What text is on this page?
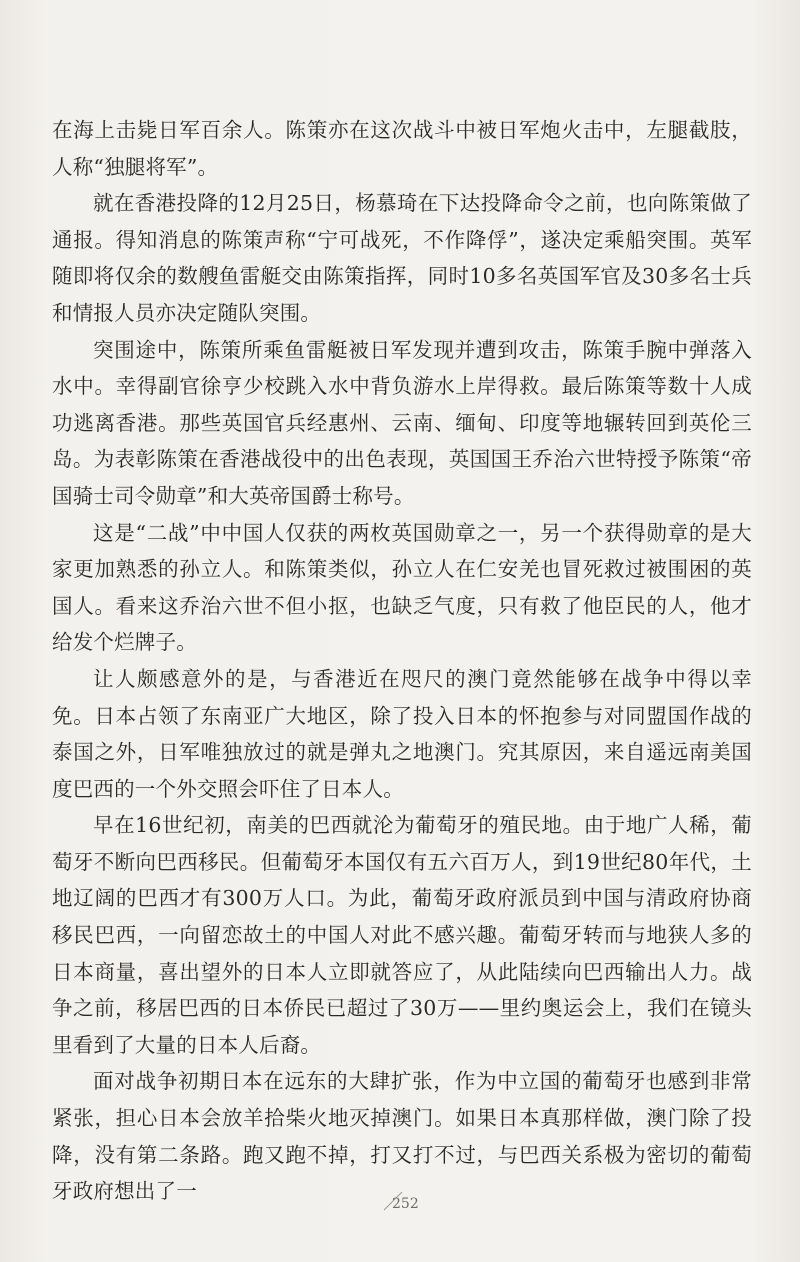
在海上击毙日军百余人。陈策亦在这次战斗中被日军炮火击中，左腿截肢，人称“独腿将军”。

就在香港投降的12月25日，杨慕琦在下达投降命令之前，也向陈策做了通报。得知消息的陈策声称“宁可战死，不作降俘”，遂决定乘船突围。英军随即将仅余的数艘鱼雷艇交由陈策指挥，同时10多名英国军官及30多名士兵和情报人员亦决定随队突围。

突围途中，陈策所乘鱼雷艇被日军发现并遭到攻击，陈策手腕中弹落入水中。幸得副官徐亨少校跳入水中背负游水上岸得救。最后陈策等数十人成功逃离香港。那些英国官兵经惠州、云南、缅甸、印度等地辗转回到英伦三岛。为表彰陈策在香港战役中的出色表现，英国国王乔治六世特授予陈策“帝国骑士司令勋章”和大英帝国爵士称号。

这是“二战”中中国人仅获的两枚英国勋章之一，另一个获得勋章的是大家更加熟悉的孙立人。和陈策类似，孙立人在仁安羌也冒死救过被围困的英国人。看来这乔治六世不但小抠，也缺乏气度，只有救了他臣民的人，他才给发个烂牌子。

让人颇感意外的是，与香港近在咫尺的澳门竟然能够在战争中得以幸免。日本占领了东南亚广大地区，除了投入日本的怀抱参与对同盟国作战的泰国之外，日军唯独放过的就是弹丸之地澳门。究其原因，来自遥远南美国度巴西的一个外交照会吓住了日本人。

早在16世纪初，南美的巴西就沦为葡萄牙的殖民地。由于地广人稀，葡萄牙不断向巴西移民。但葡萄牙本国仅有五六百万人，到19世纪80年代，土地辽阔的巴西才有300万人口。为此，葡萄牙政府派员到中国与清政府协商移民巴西，一向留恋故土的中国人对此不感兴趣。葡萄牙转而与地狭人多的日本商量，喜出望外的日本人立即就答应了，从此陆续向巴西输出人力。战争之前，移居巴西的日本侨民已超过了30万——里约奥运会上，我们在镜头里看到了大量的日本人后裔。

面对战争初期日本在远东的大肆扩张，作为中立国的葡萄牙也感到非常紧张，担心日本会放羊拾柴火地灭掉澳门。如果日本真那样做，澳门除了投降，没有第二条路。跑又跑不掉，打又打不过，与巴西关系极为密切的葡萄牙政府想出了一

252
